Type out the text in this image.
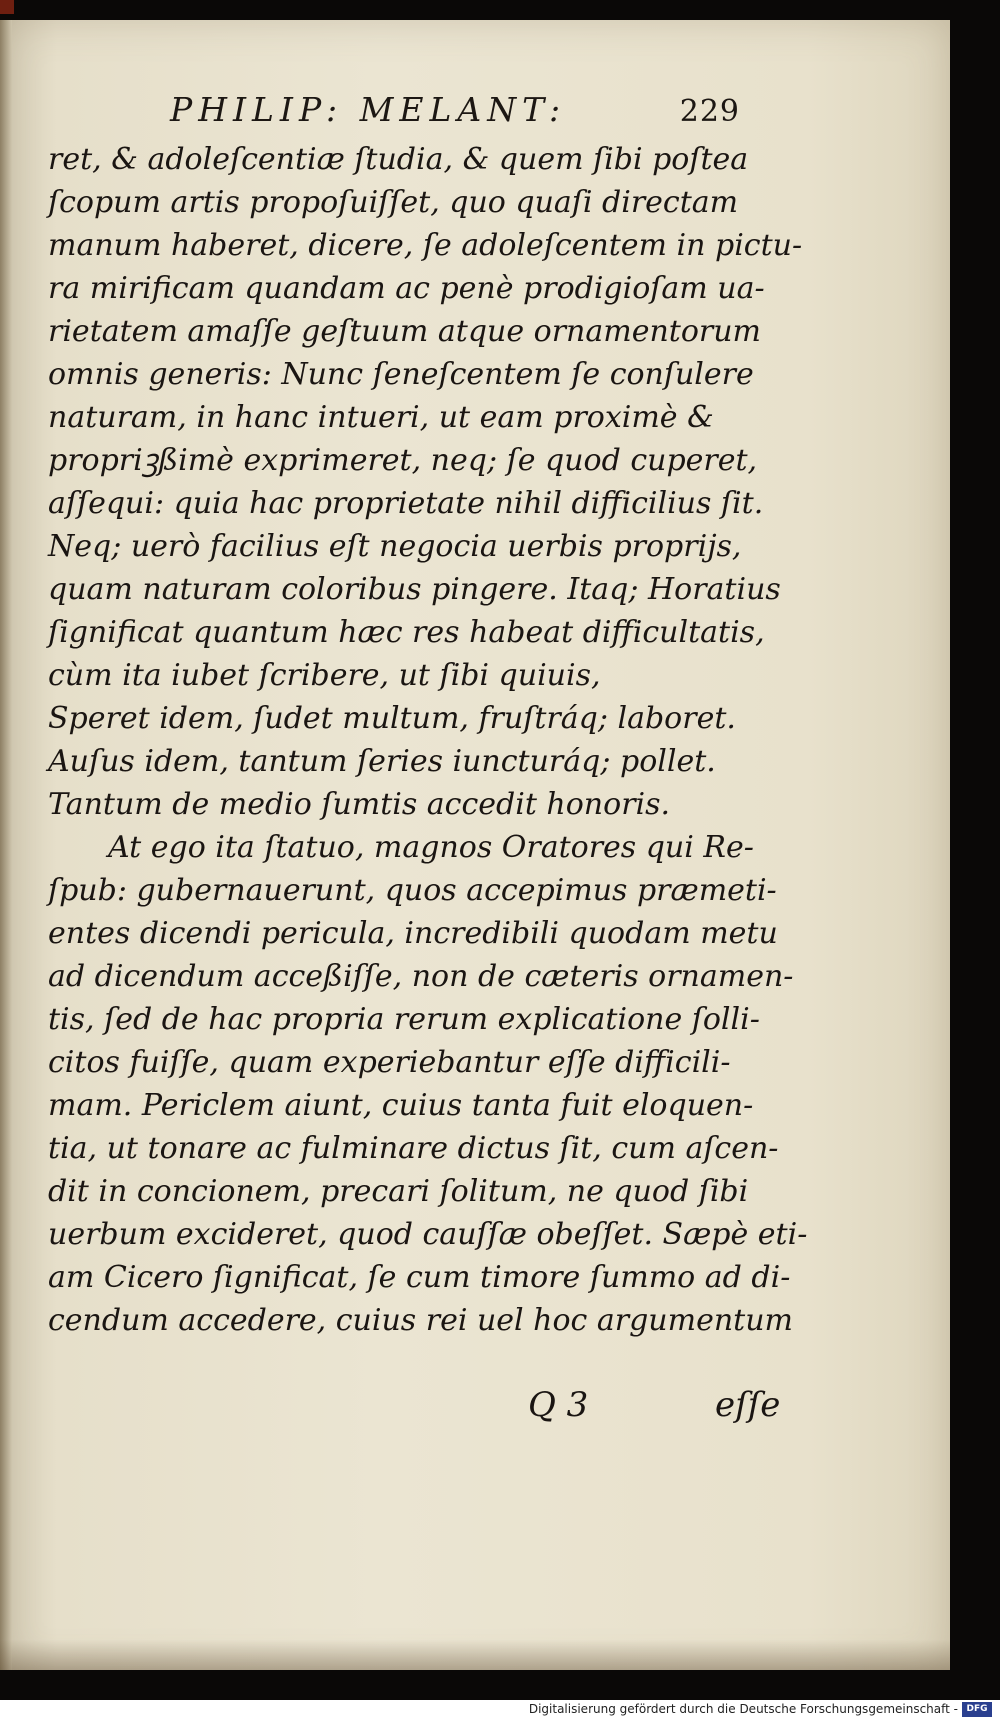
PHILIP: MELANT:	229
ret, & adoleſcentiæ ſtudia, & quem ſibi poſtea
ſcopum artis propoſuiſſet, quo quaſi directam
manum haberet, dicere, ſe adoleſcentem in pictu-
ra mirificam quandam ac penè prodigioſam ua-
rietatem amaſſe geſtuum atque ornamentorum
omnis generis: Nunc ſeneſcentem ſe conſulere
naturam, in hanc intueri, ut eam proximè &
propriꝫßimè exprimeret, neq; ſe quod cuperet,
aſſequi: quia hac proprietate nihil difficilius ſit.
Neq; uerò facilius eſt negocia uerbis proprijs,
quam naturam coloribus pingere. Itaq; Horatius
ſignificat quantum hæc res habeat difficultatis,
cùm ita iubet ſcribere, ut ſibi quiuis,
Speret idem, ſudet multum, fruſtráq; laboret.
Auſus idem, tantum ſeries iuncturáq; pollet.
Tantum de medio ſumtis accedit honoris.
At ego ita ſtatuo, magnos Oratores qui Re-
ſpub: gubernauerunt, quos accepimus præmeti-
entes dicendi pericula, incredibili quodam metu
ad dicendum acceßiſſe, non de cæteris ornamen-
tis, ſed de hac propria rerum explicatione ſolli-
citos fuiſſe, quam experiebantur eſſe difficili-
mam. Periclem aiunt, cuius tanta fuit eloquen-
tia, ut tonare ac fulminare dictus ſit, cum aſcen-
dit in concionem, precari ſolitum, ne quod ſibi
uerbum excideret, quod cauſſæ obeſſet. Sæpè eti-
am Cicero ſignificat, ſe cum timore ſummo ad di-
cendum accedere, cuius rei uel hoc argumentum
Q 3	eſſe
Digitalisierung gefördert durch die Deutsche Forschungsgemeinschaft - DFG
